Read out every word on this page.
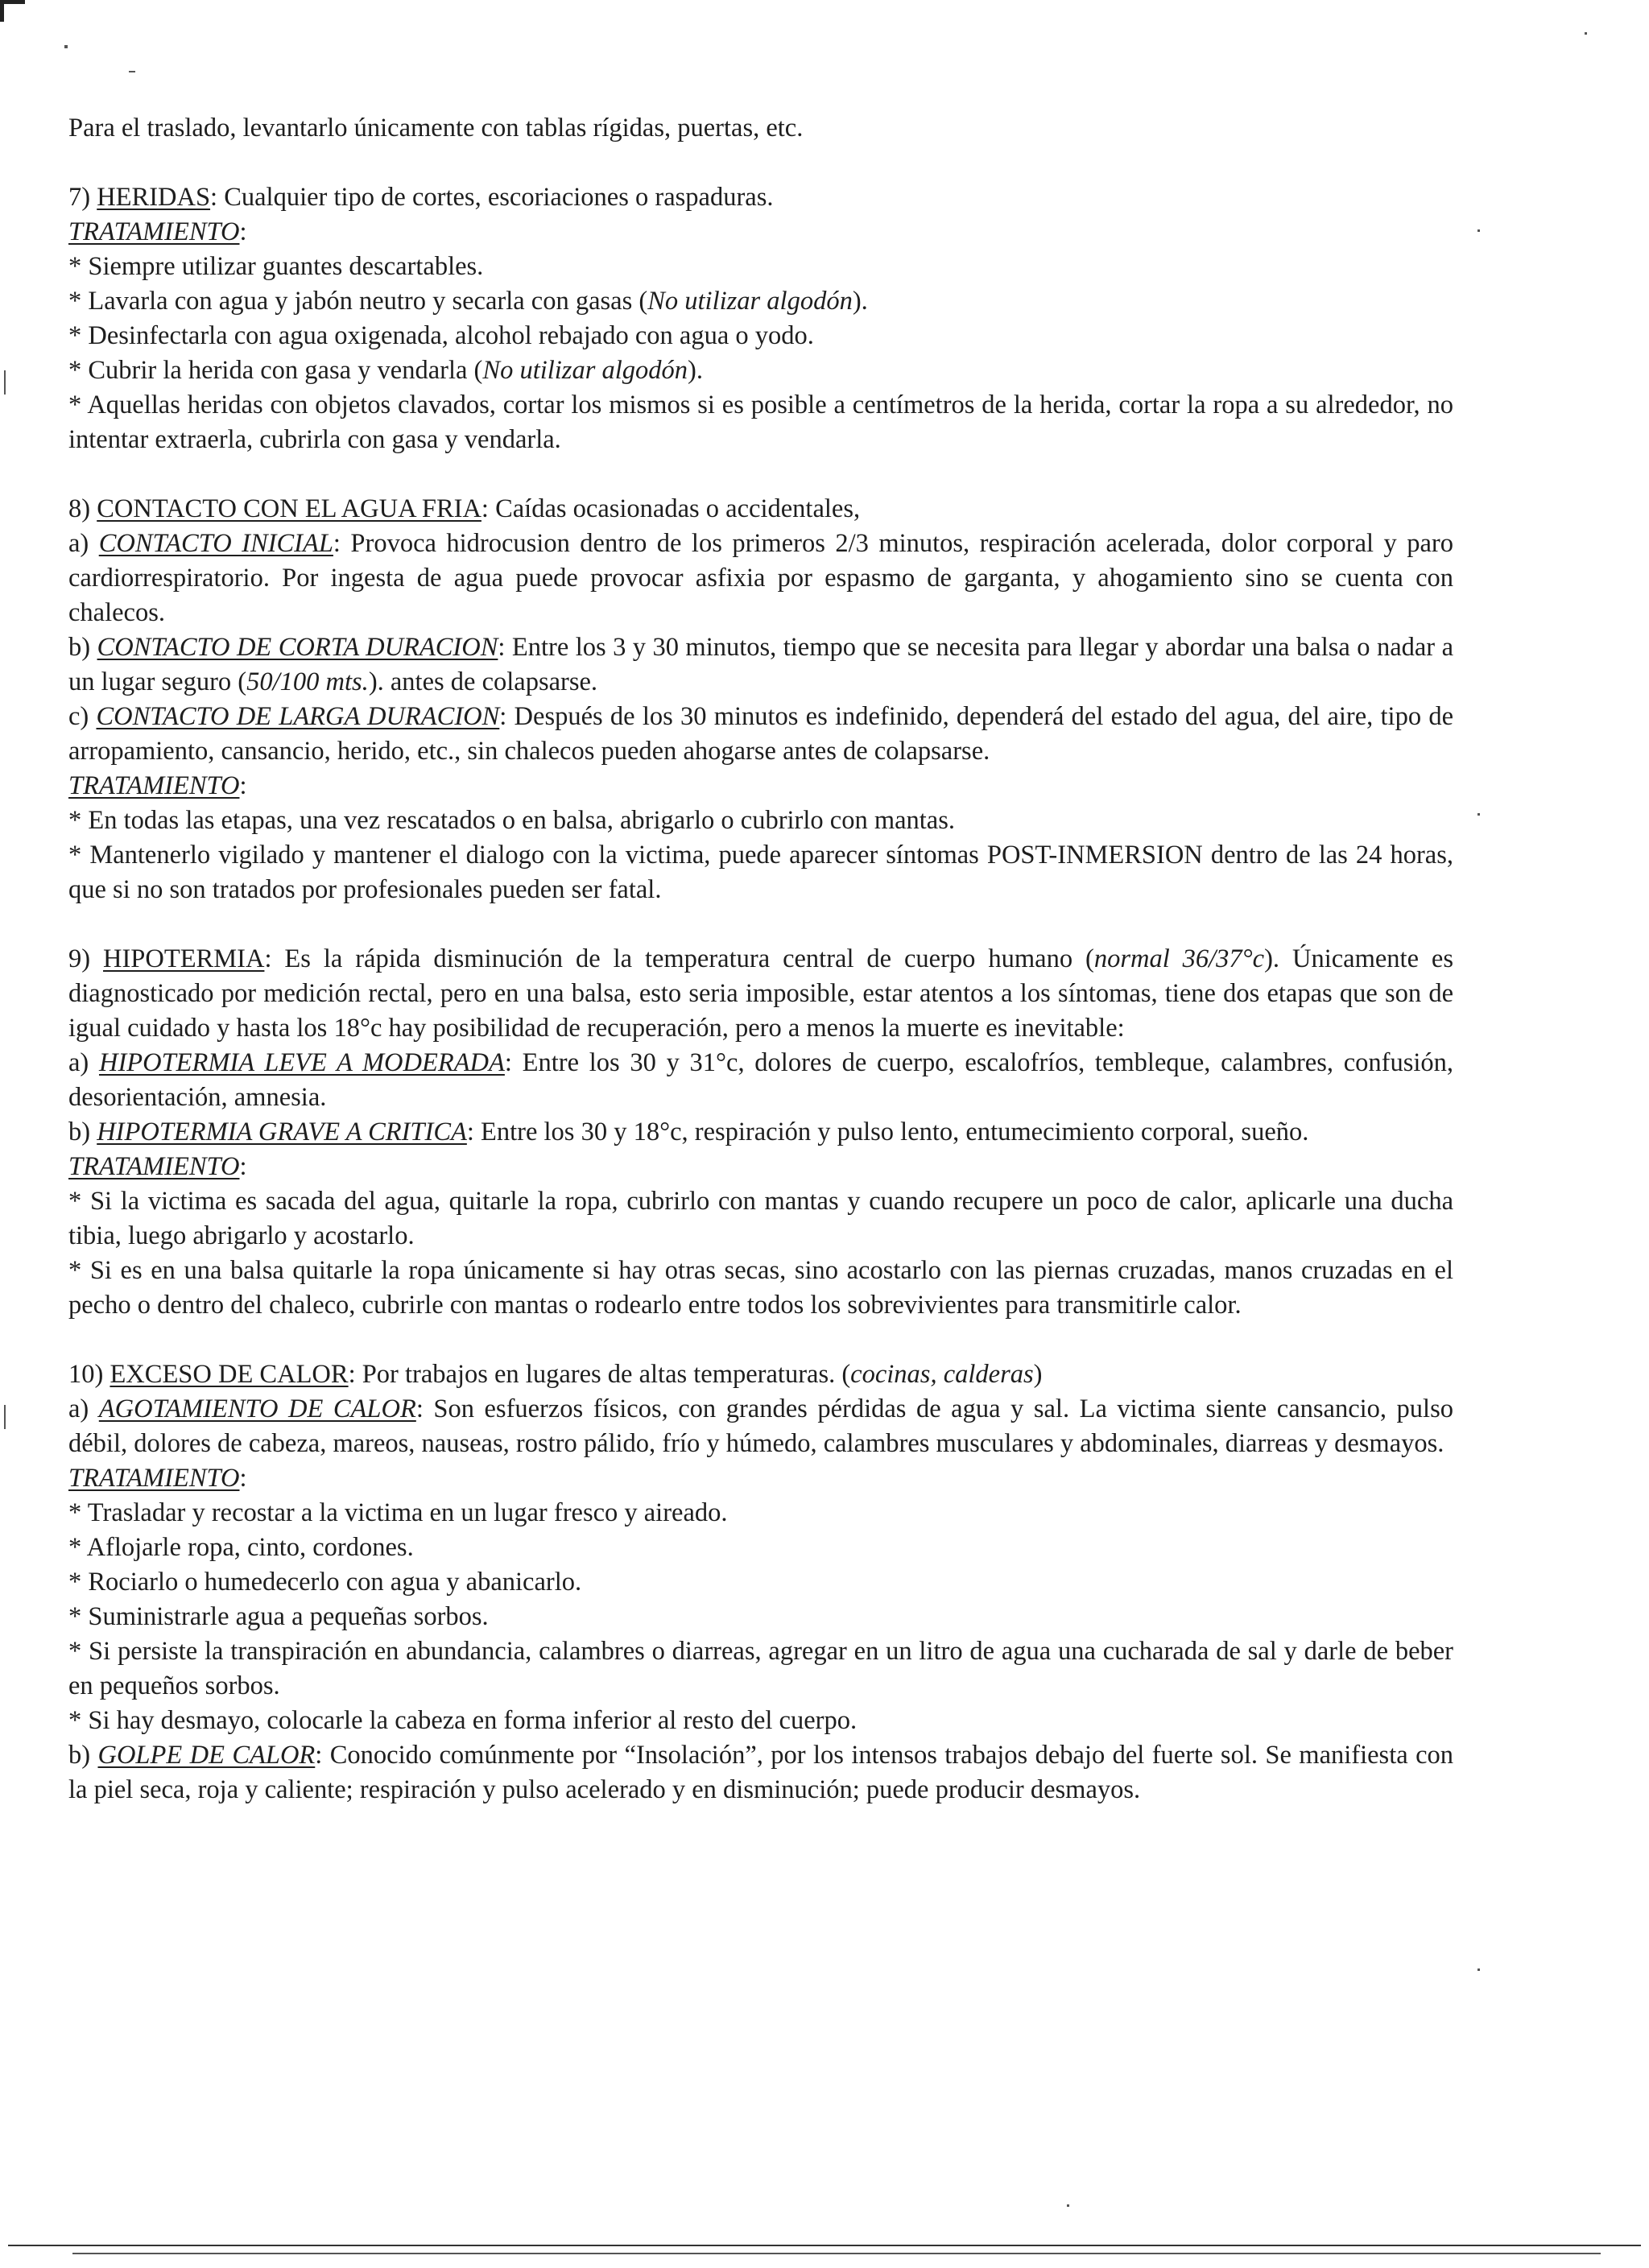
Para el traslado, levantarlo únicamente con tablas rígidas, puertas, etc.

7) HERIDAS: Cualquier tipo de cortes, escoriaciones o raspaduras.

TRATAMIENTO:

* Siempre utilizar guantes descartables.

* Lavarla con agua y jabón neutro y secarla con gasas (No utilizar algodón).

* Desinfectarla con agua oxigenada, alcohol rebajado con agua o yodo.

* Cubrir la herida con gasa y vendarla (No utilizar algodón).

* Aquellas heridas con objetos clavados, cortar los mismos si es posible a centímetros de la herida, cortar la ropa a su alrededor, no intentar extraerla, cubrirla con gasa y vendarla.

8) CONTACTO CON EL AGUA FRIA: Caídas ocasionadas o accidentales,

a) CONTACTO INICIAL: Provoca hidrocusion dentro de los primeros 2/3 minutos, respiración acelerada, dolor corporal y paro cardiorrespiratorio. Por ingesta de agua puede provocar asfixia por espasmo de garganta, y ahogamiento sino se cuenta con chalecos.

b) CONTACTO DE CORTA DURACION: Entre los 3 y 30 minutos, tiempo que se necesita para llegar y abordar una balsa o nadar a un lugar seguro (50/100 mts.). antes de colapsarse.

c) CONTACTO DE LARGA DURACION: Después de los 30 minutos es indefinido, dependerá del estado del agua, del aire, tipo de arropamiento, cansancio, herido, etc., sin chalecos pueden ahogarse antes de colapsarse.

TRATAMIENTO:

* En todas las etapas, una vez rescatados o en balsa, abrigarlo o cubrirlo con mantas.

* Mantenerlo vigilado y mantener el dialogo con la victima, puede aparecer síntomas POST-INMERSION dentro de las 24 horas, que si no son tratados por profesionales pueden ser fatal.

9) HIPOTERMIA: Es la rápida disminución de la temperatura central de cuerpo humano (normal 36/37°c). Únicamente es diagnosticado por medición rectal, pero en una balsa, esto seria imposible, estar atentos a los síntomas, tiene dos etapas que son de igual cuidado y hasta los 18°c hay posibilidad de recuperación, pero a menos la muerte es inevitable:

a) HIPOTERMIA LEVE A MODERADA: Entre los 30 y 31°c, dolores de cuerpo, escalofríos, tembleque, calambres, confusión, desorientación, amnesia.

b) HIPOTERMIA GRAVE A CRITICA: Entre los 30 y 18°c, respiración y pulso lento, entumecimiento corporal, sueño.

TRATAMIENTO:

* Si la victima es sacada del agua, quitarle la ropa, cubrirlo con mantas y cuando recupere un poco de calor, aplicarle una ducha tibia, luego abrigarlo y acostarlo.

* Si es en una balsa quitarle la ropa únicamente si hay otras secas, sino acostarlo con las piernas cruzadas, manos cruzadas en el pecho o dentro del chaleco, cubrirle con mantas o rodearlo entre todos los sobrevivientes para transmitirle calor.

10) EXCESO DE CALOR: Por trabajos en lugares de altas temperaturas. (cocinas, calderas)

a) AGOTAMIENTO DE CALOR: Son esfuerzos físicos, con grandes pérdidas de agua y sal. La victima siente cansancio, pulso débil, dolores de cabeza, mareos, nauseas, rostro pálido, frío y húmedo, calambres musculares y abdominales, diarreas y desmayos.

TRATAMIENTO:

* Trasladar y recostar a la victima en un lugar fresco y aireado.

* Aflojarle ropa, cinto, cordones.

* Rociarlo o humedecerlo con agua y abanicarlo.

* Suministrarle agua a pequeñas sorbos.

* Si persiste la transpiración en abundancia, calambres o diarreas, agregar en un litro de agua una cucharada de sal y darle de beber en pequeños sorbos.

* Si hay desmayo, colocarle la cabeza en forma inferior al resto del cuerpo.

b) GOLPE DE CALOR: Conocido comúnmente por “Insolación”, por los intensos trabajos debajo del fuerte sol. Se manifiesta con la piel seca, roja y caliente; respiración y pulso acelerado y en disminución; puede producir desmayos.
